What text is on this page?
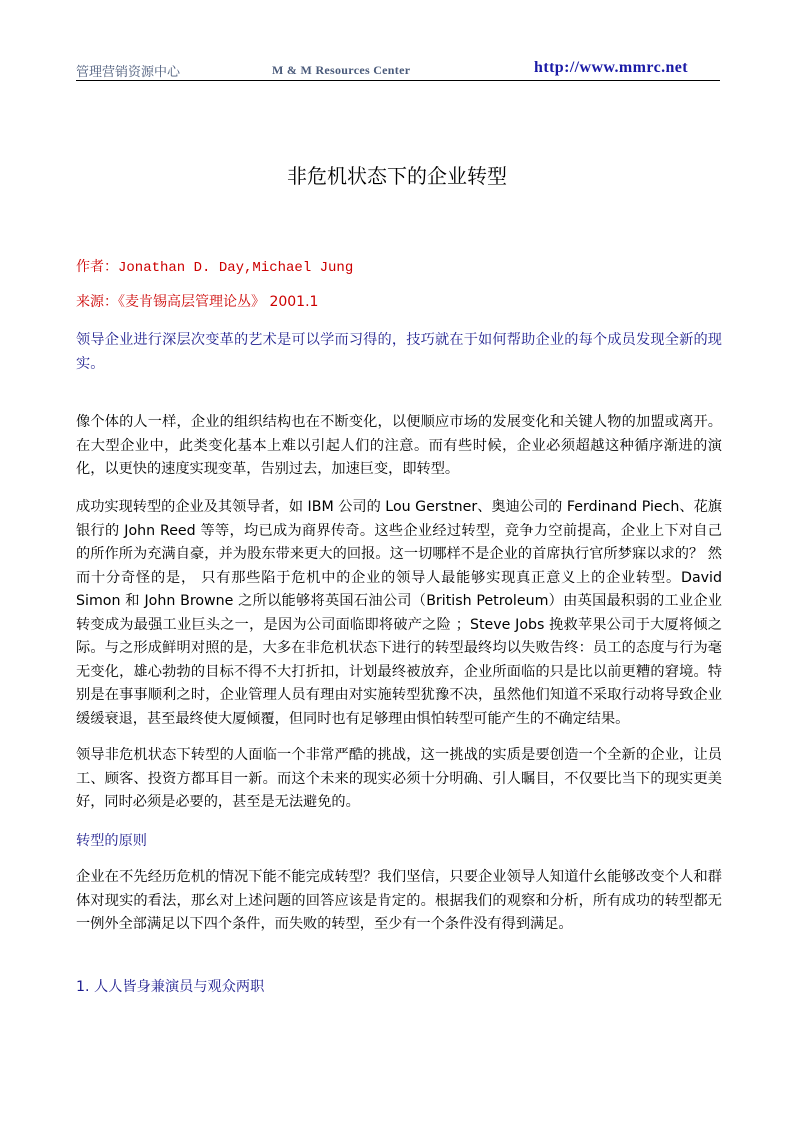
管理营销资源中心	M & M Resources Center	http://www.mmrc.net
非危机状态下的企业转型
作者：Jonathan D. Day,Michael Jung
来源：《麦肯锡高层管理论丛》 2001.1
领导企业进行深层次变革的艺术是可以学而习得的，技巧就在于如何帮助企业的每个成员发现全新的现实。
像个体的人一样，企业的组织结构也在不断变化，以便顺应市场的发展变化和关键人物的加盟或离开。在大型企业中，此类变化基本上难以引起人们的注意。而有些时候，企业必须超越这种循序渐进的演化，以更快的速度实现变革，告别过去，加速巨变，即转型。
成功实现转型的企业及其领导者，如 IBM 公司的 Lou Gerstner、奥迪公司的 Ferdinand Piech、花旗银行的 John Reed 等等，均已成为商界传奇。这些企业经过转型，竞争力空前提高，企业上下对自己的所作所为充满自豪，并为股东带来更大的回报。这一切哪样不是企业的首席执行官所梦寐以求的？ 然而十分奇怪的是， 只有那些陷于危机中的企业的领导人最能够实现真正意义上的企业转型。David Simon 和 John Browne 之所以能够将英国石油公司（British Petroleum）由英国最积弱的工业企业转变成为最强工业巨头之一，是因为公司面临即将破产之险 ；Steve Jobs 挽救苹果公司于大厦将倾之际。与之形成鲜明对照的是，大多在非危机状态下进行的转型最终均以失败告终：员工的态度与行为毫无变化，雄心勃勃的目标不得不大打折扣，计划最终被放弃，企业所面临的只是比以前更糟的窘境。特别是在事事顺利之时，企业管理人员有理由对实施转型犹豫不决，虽然他们知道不采取行动将导致企业缓缓衰退，甚至最终使大厦倾覆，但同时也有足够理由惧怕转型可能产生的不确定结果。
领导非危机状态下转型的人面临一个非常严酷的挑战，这一挑战的实质是要创造一个全新的企业，让员工、顾客、投资方都耳目一新。而这个未来的现实必须十分明确、引人瞩目，不仅要比当下的现实更美好，同时必须是必要的，甚至是无法避免的。
转型的原则
企业在不先经历危机的情况下能不能完成转型？我们坚信，只要企业领导人知道什幺能够改变个人和群体对现实的看法，那幺对上述问题的回答应该是肯定的。根据我们的观察和分析，所有成功的转型都无一例外全部满足以下四个条件，而失败的转型，至少有一个条件没有得到满足。
1. 人人皆身兼演员与观众两职
